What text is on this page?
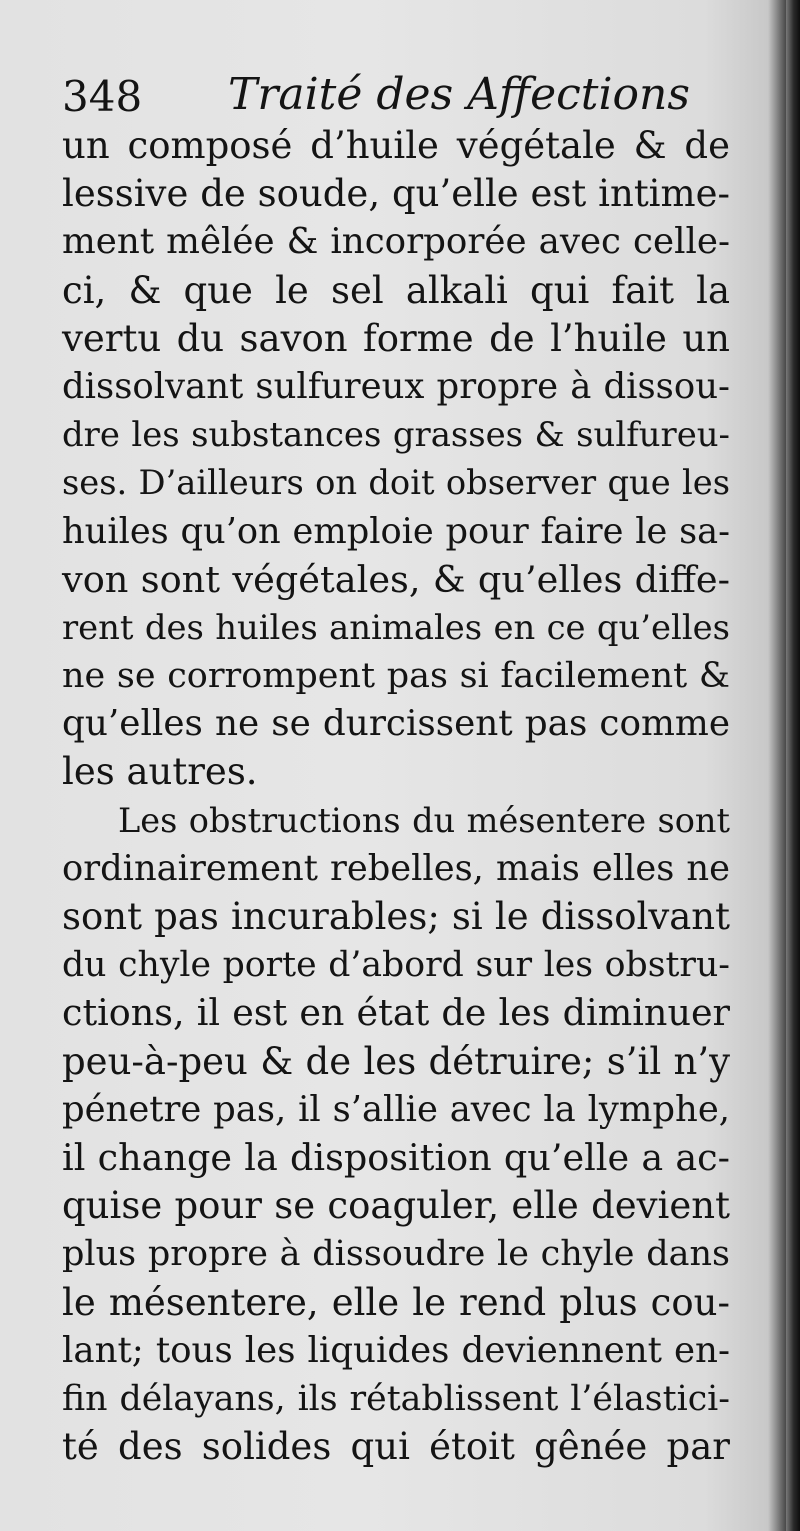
348 Traité des Affections
un composé d’huile végétale & de
lessive de soude, qu’elle est intime-
ment mêlée & incorporée avec celle-
ci, & que le sel alkali qui fait la
vertu du savon forme de l’huile un
dissolvant sulfureux propre à dissou-
dre les substances grasses & sulfureu-
ses. D’ailleurs on doit observer que les
huiles qu’on emploie pour faire le sa-
von sont végétales, & qu’elles diffe-
rent des huiles animales en ce qu’elles
ne se corrompent pas si facilement &
qu’elles ne se durcissent pas comme
les autres.
Les obstructions du mésentere sont
ordinairement rebelles, mais elles ne
sont pas incurables; si le dissolvant
du chyle porte d’abord sur les obstru-
ctions, il est en état de les diminuer
peu-à-peu & de les détruire; s’il n’y
pénetre pas, il s’allie avec la lymphe,
il change la disposition qu’elle a ac-
quise pour se coaguler, elle devient
plus propre à dissoudre le chyle dans
le mésentere, elle le rend plus cou-
lant; tous les liquides deviennent en-
fin délayans, ils rétablissent l’élastici-
té des solides qui étoit gênée par
